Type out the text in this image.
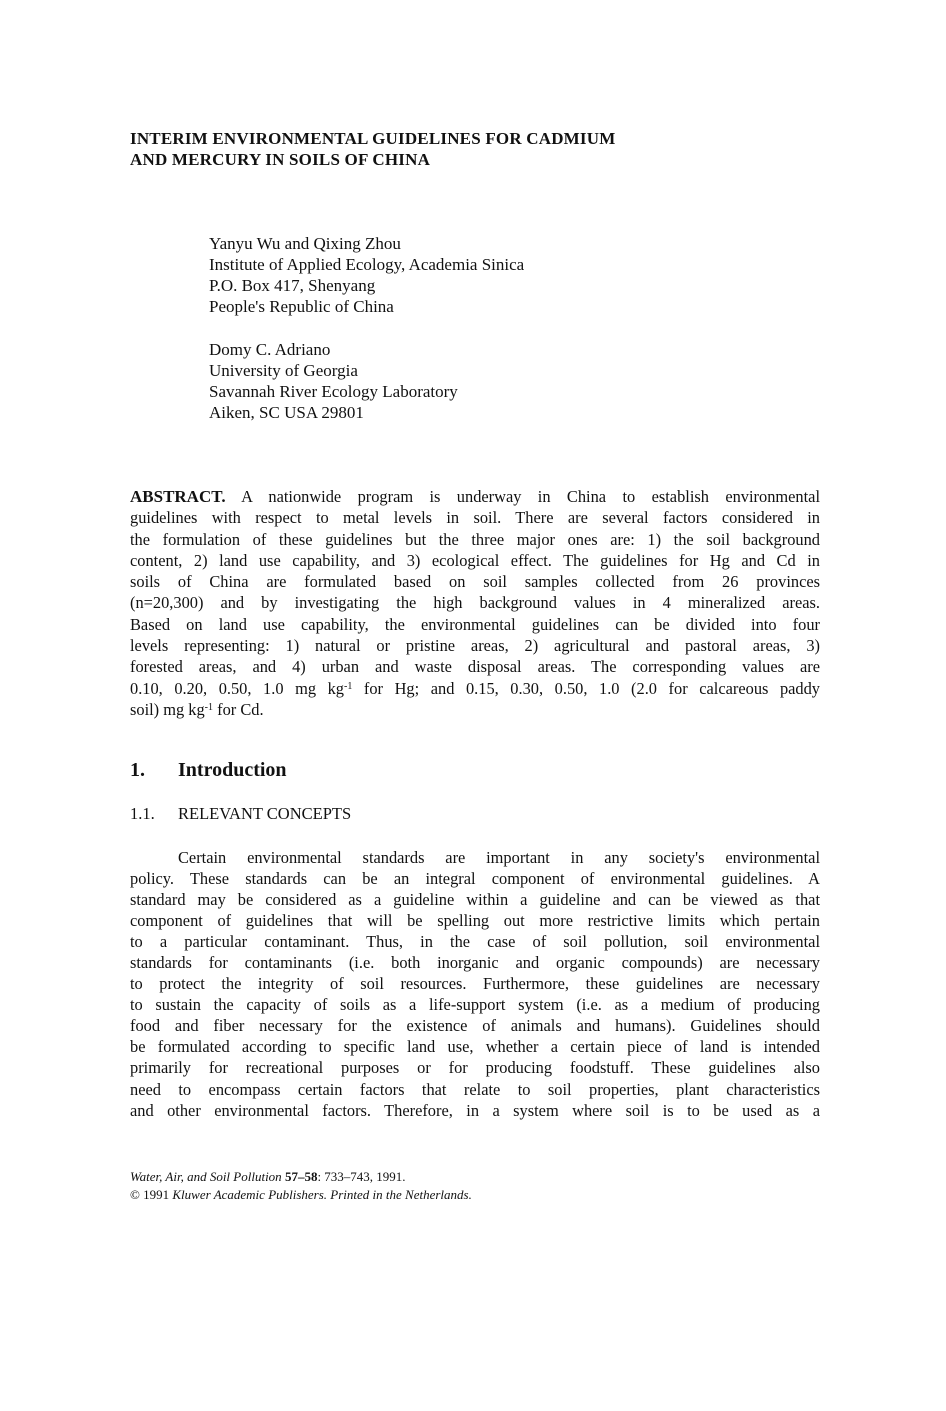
INTERIM ENVIRONMENTAL GUIDELINES FOR CADMIUM
AND MERCURY IN SOILS OF CHINA
Yanyu Wu and Qixing Zhou
Institute of Applied Ecology, Academia Sinica
P.O. Box 417, Shenyang
People's Republic of China
Domy C. Adriano
University of Georgia
Savannah River Ecology Laboratory
Aiken, SC USA 29801
ABSTRACT. A nationwide program is underway in China to establish environmental
guidelines with respect to metal levels in soil. There are several factors considered in
the formulation of these guidelines but the three major ones are: 1) the soil background
content, 2) land use capability, and 3) ecological effect. The guidelines for Hg and Cd in
soils of China are formulated based on soil samples collected from 26 provinces
(n=20,300) and by investigating the high background values in 4 mineralized areas.
Based on land use capability, the environmental guidelines can be divided into four
levels representing: 1) natural or pristine areas, 2) agricultural and pastoral areas, 3)
forested areas, and 4) urban and waste disposal areas. The corresponding values are
0.10, 0.20, 0.50, 1.0 mg $kg^{-1}$ for Hg; and 0.15, 0.30, 0.50, 1.0 (2.0 for calcareous paddy
soil) mg $kg^{-1}$ for Cd.
1. Introduction
1.1. RELEVANT CONCEPTS
Certain environmental standards are important in any society's environmental
policy. These standards can be an integral component of environmental guidelines. A
standard may be considered as a guideline within a guideline and can be viewed as that
component of guidelines that will be spelling out more restrictive limits which pertain
to a particular contaminant. Thus, in the case of soil pollution, soil environmental
standards for contaminants (i.e. both inorganic and organic compounds) are necessary
to protect the integrity of soil resources. Furthermore, these guidelines are necessary
to sustain the capacity of soils as a life-support system (i.e. as a medium of producing
food and fiber necessary for the existence of animals and humans). Guidelines should
be formulated according to specific land use, whether a certain piece of land is intended
primarily for recreational purposes or for producing foodstuff. These guidelines also
need to encompass certain factors that relate to soil properties, plant characteristics
and other environmental factors. Therefore, in a system where soil is to be used as a
Water, Air, and Soil Pollution 57–58: 733–743, 1991.
© 1991 Kluwer Academic Publishers. Printed in the Netherlands.
